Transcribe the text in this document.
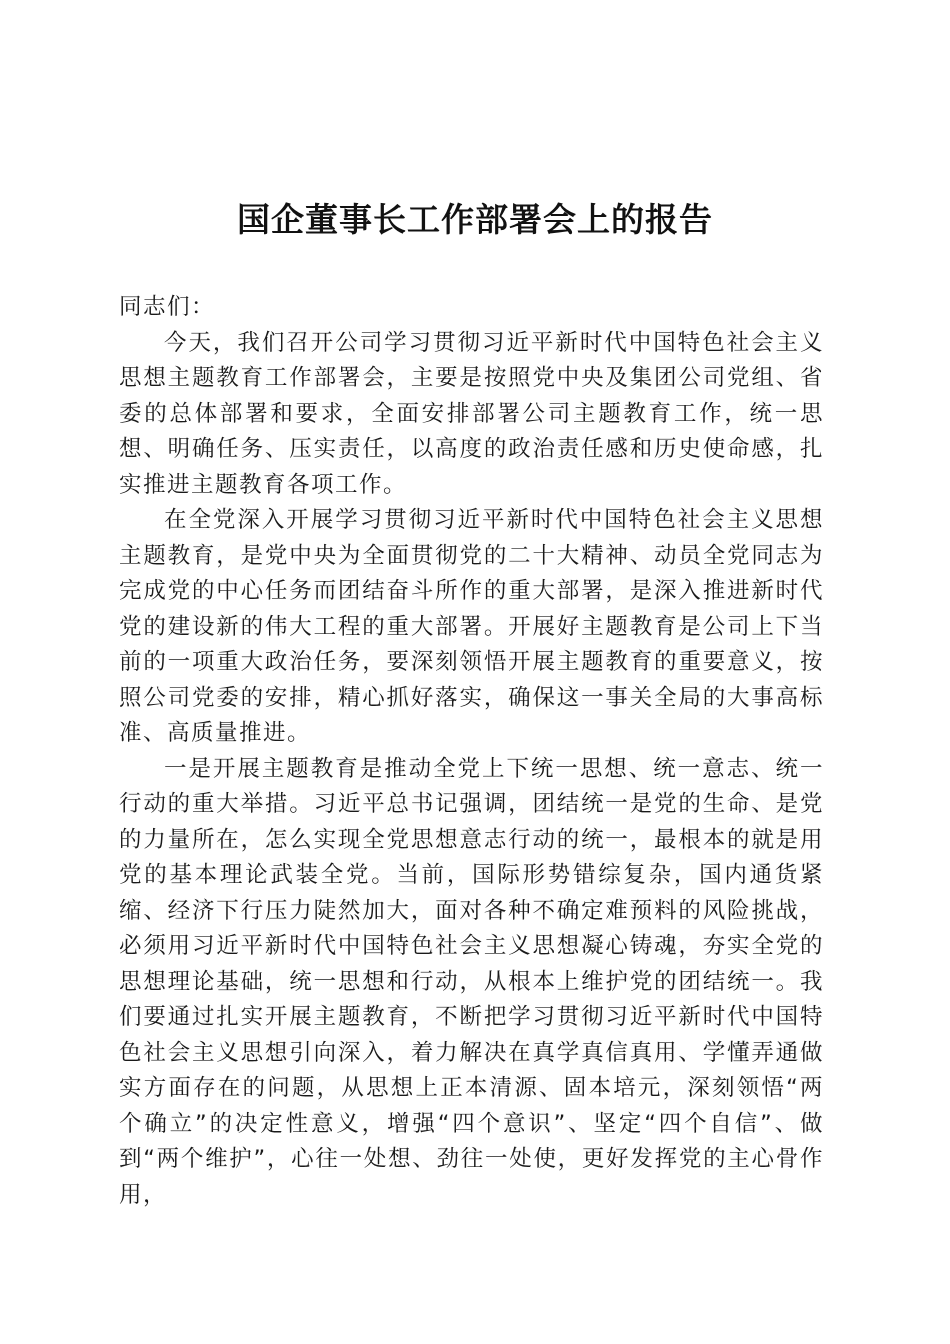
国企董事长工作部署会上的报告

同志们：

今天，我们召开公司学习贯彻习近平新时代中国特色社会主义思想主题教育工作部署会，主要是按照党中央及集团公司党组、省委的总体部署和要求，全面安排部署公司主题教育工作，统一思想、明确任务、压实责任，以高度的政治责任感和历史使命感，扎实推进主题教育各项工作。

在全党深入开展学习贯彻习近平新时代中国特色社会主义思想主题教育，是党中央为全面贯彻党的二十大精神、动员全党同志为完成党的中心任务而团结奋斗所作的重大部署，是深入推进新时代党的建设新的伟大工程的重大部署。开展好主题教育是公司上下当前的一项重大政治任务，要深刻领悟开展主题教育的重要意义，按照公司党委的安排，精心抓好落实，确保这一事关全局的大事高标准、高质量推进。

一是开展主题教育是推动全党上下统一思想、统一意志、统一行动的重大举措。习近平总书记强调，团结统一是党的生命、是党的力量所在，怎么实现全党思想意志行动的统一，最根本的就是用党的基本理论武装全党。当前，国际形势错综复杂，国内通货紧缩、经济下行压力陡然加大，面对各种不确定难预料的风险挑战，必须用习近平新时代中国特色社会主义思想凝心铸魂，夯实全党的思想理论基础，统一思想和行动，从根本上维护党的团结统一。我们要通过扎实开展主题教育，不断把学习贯彻习近平新时代中国特色社会主义思想引向深入，着力解决在真学真信真用、学懂弄通做实方面存在的问题，从思想上正本清源、固本培元，深刻领悟“两个确立”的决定性意义，增强“四个意识”、坚定“四个自信”、做到“两个维护”，心往一处想、劲往一处使，更好发挥党的主心骨作用，
